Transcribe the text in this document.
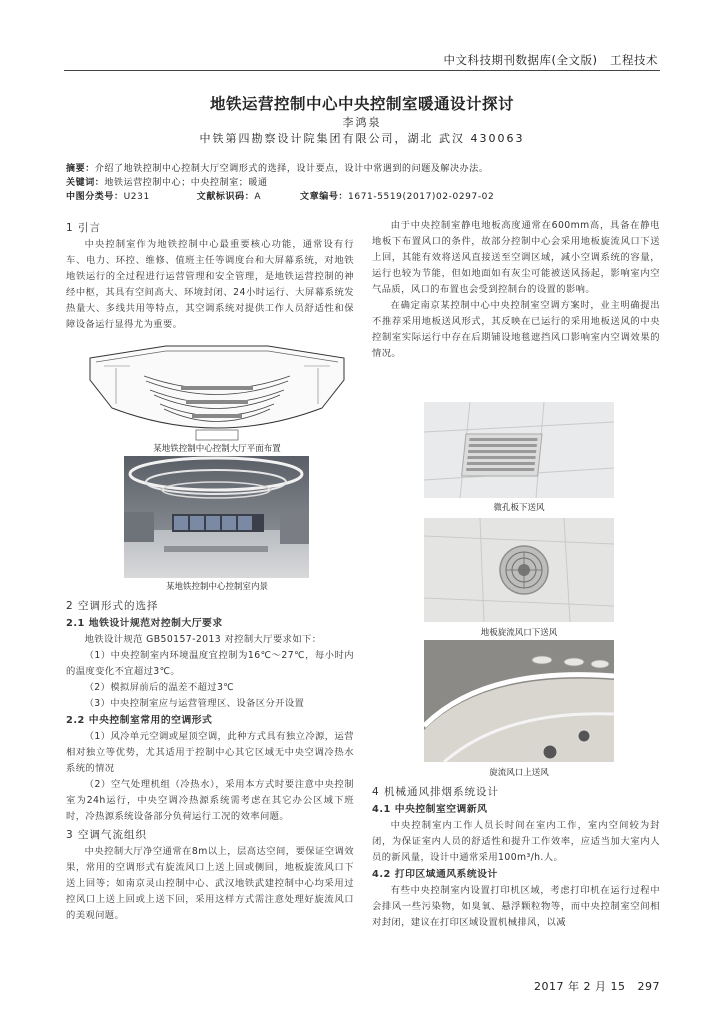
中文科技期刊数据库(全文版) 工程技术
地铁运营控制中心中央控制室暖通设计探讨
李鸿泉
中铁第四勘察设计院集团有限公司，湖北 武汉 430063
摘要：介绍了地铁控制中心控制大厅空调形式的选择，设计要点，设计中常遇到的问题及解决办法。
关键词：地铁运营控制中心；中央控制室；暖通
中图分类号：U231	文献标识码：A	文章编号：1671-5519(2017)02-0297-02
1 引言

中央控制室作为地铁控制中心最重要核心功能，通常设有行车、电力、环控、维修、值班主任等调度台和大屏幕系统，对地铁地铁运行的全过程进行运营管理和安全管理，是地铁运营控制的神经中枢，其具有空间高大、环境封闭、24小时运行、大屏幕系统发热量大、多线共用等特点，其空调系统对提供工作人员舒适性和保障设备运行显得尤为重要。

某地铁控制中心控制大厅平面布置
某地铁控制中心控制室内景
2 空调形式的选择
2.1 地铁设计规范对控制大厅要求

地铁设计规范 GB50157-2013 对控制大厅要求如下：

（1）中央控制室内环境温度宜控制为16℃～27℃，每小时内的温度变化不宜超过3℃。

（2）模拟屏前后的温差不超过3℃

（3）中央控制室应与运营管理区、设备区分开设置

2.2 中央控制室常用的空调形式

（1）风冷单元空调或屋顶空调，此种方式具有独立冷源，运营相对独立等优势，尤其适用于控制中心其它区域无中央空调冷热水系统的情况

（2）空气处理机组（冷热水），采用本方式时要注意中央控制室为24h运行，中央空调冷热源系统需考虑在其它办公区域下班时，冷热源系统设备部分负荷运行工况的效率问题。

3 空调气流组织

中央控制大厅净空通常在8m以上，层高达空间，要保证空调效果，常用的空调形式有旋流风口上送上回或侧回，地板旋流风口下送上回等；如南京灵山控制中心、武汉地铁武建控制中心均采用过控风口上送上回或上送下回，采用这样方式需注意处理好旋流风口的美观问题。

由于中央控制室静电地板高度通常在600mm高，具备在静电地板下布置风口的条件，故部分控制中心会采用地板旋流风口下送上回，其能有效将送风直接送至空调区域，减小空调系统的容量，运行也较为节能，但如地面如有灰尘可能被送风扬起，影响室内空气品质，风口的布置也会受到控制台的设置的影响。

在确定南京某控制中心中央控制室空调方案时，业主明确提出不推荐采用地板送风形式，其反映在已运行的采用地板送风的中央控制室实际运行中存在后期铺设地毯遮挡风口影响室内空调效果的情况。

微孔板下送风
地板旋流风口下送风
旋流风口上送风
4 机械通风排烟系统设计
4.1 中央控制室空调新风

中央控制室内工作人员长时间在室内工作，室内空间较为封闭，为保证室内人员的舒适性和提升工作效率，应适当加大室内人员的新风量，设计中通常采用100m³/h.人。

4.2 打印区域通风系统设计

有些中央控制室内设置打印机区域，考虑打印机在运行过程中会排风一些污染物，如臭氧、悬浮颗粒物等，而中央控制室空间相对封闭，建议在打印区域设置机械排风，以减

2017 年 2 月 15 297
